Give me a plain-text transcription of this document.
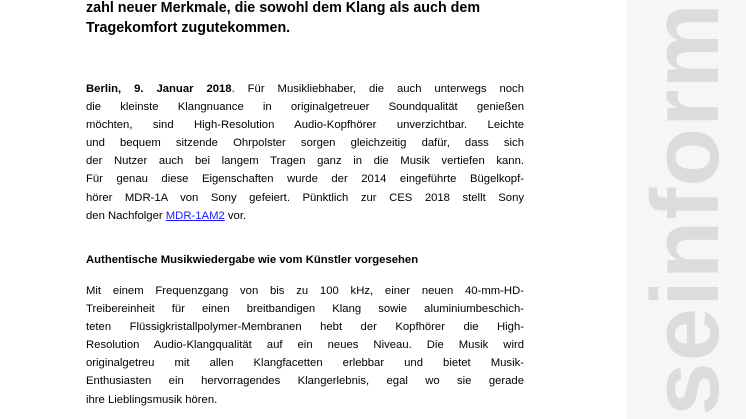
seinform

zahl neuer Merkmale, die sowohl dem Klang als auch dem
Tragekomfort zugutekommen.

Berlin, 9. Januar 2018. Für Musikliebhaber, die auch unterwegs noch
die kleinste Klangnuance in originalgetreuer Soundqualität genießen
möchten, sind High-Resolution Audio-Kopfhörer unverzichtbar. Leichte
und bequem sitzende Ohrpolster sorgen gleichzeitig dafür, dass sich
der Nutzer auch bei langem Tragen ganz in die Musik vertiefen kann.
Für genau diese Eigenschaften wurde der 2014 eingeführte Bügelkopf-
hörer MDR-1A von Sony gefeiert. Pünktlich zur CES 2018 stellt Sony
den Nachfolger MDR-1AM2 vor.

Authentische Musikwiedergabe wie vom Künstler vorgesehen

Mit einem Frequenzgang von bis zu 100 kHz, einer neuen 40-mm-HD-
Treibereinheit für einen breitbandigen Klang sowie aluminiumbeschich-
teten Flüssigkristallpolymer-Membranen hebt der Kopfhörer die High-
Resolution Audio-Klangqualität auf ein neues Niveau. Die Musik wird
originalgetreu mit allen Klangfacetten erlebbar und bietet Musik-
Enthusiasten ein hervorragendes Klangerlebnis, egal wo sie gerade
ihre Lieblingsmusik hören.
